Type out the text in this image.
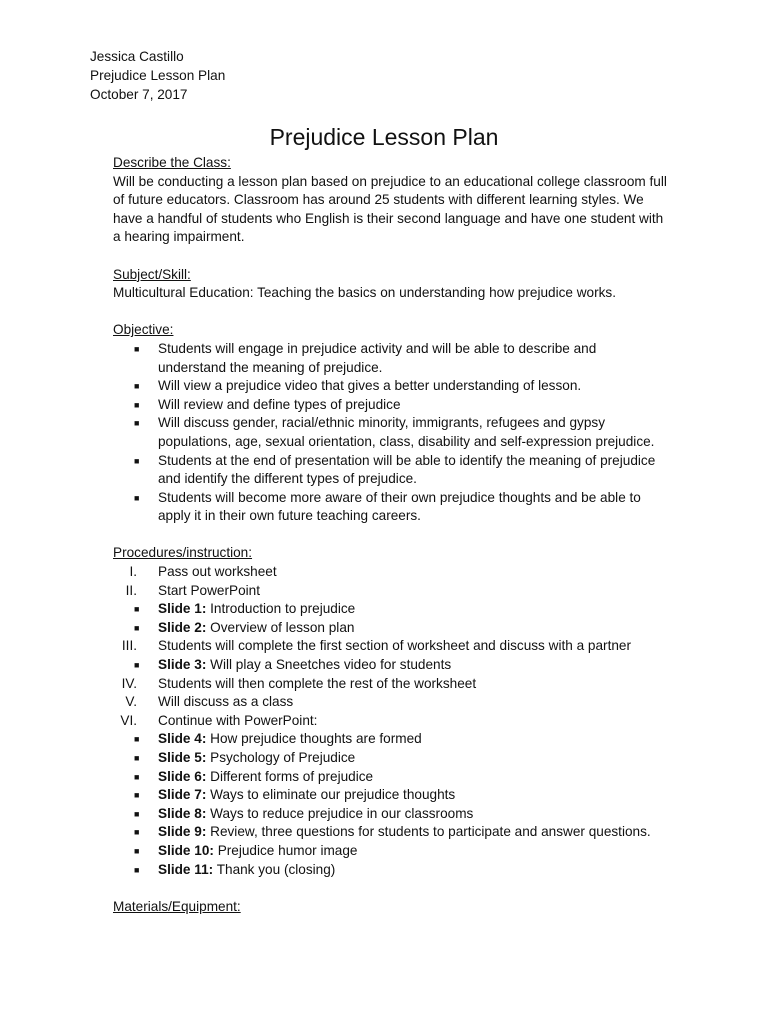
Jessica Castillo
Prejudice Lesson Plan
October 7, 2017
Prejudice Lesson Plan
Describe the Class:
Will be conducting a lesson plan based on prejudice to an educational college classroom full
of future educators. Classroom has around 25 students with different learning styles. We
have a handful of students who English is their second language and have one student with
a hearing impairment.
Subject/Skill:
Multicultural Education: Teaching the basics on understanding how prejudice works.
Objective:
■ Students will engage in prejudice activity and will be able to describe and
understand the meaning of prejudice.
■ Will view a prejudice video that gives a better understanding of lesson.
■ Will review and define types of prejudice
■ Will discuss gender, racial/ethnic minority, immigrants, refugees and gypsy
populations, age, sexual orientation, class, disability and self-expression prejudice.
■ Students at the end of presentation will be able to identify the meaning of prejudice
and identify the different types of prejudice.
■ Students will become more aware of their own prejudice thoughts and be able to
apply it in their own future teaching careers.
Procedures/instruction:
I. Pass out worksheet
II. Start PowerPoint
■ Slide 1: Introduction to prejudice
■ Slide 2: Overview of lesson plan
III. Students will complete the first section of worksheet and discuss with a partner
■ Slide 3: Will play a Sneetches video for students
IV. Students will then complete the rest of the worksheet
V. Will discuss as a class
VI. Continue with PowerPoint:
■ Slide 4: How prejudice thoughts are formed
■ Slide 5: Psychology of Prejudice
■ Slide 6: Different forms of prejudice
■ Slide 7: Ways to eliminate our prejudice thoughts
■ Slide 8: Ways to reduce prejudice in our classrooms
■ Slide 9: Review, three questions for students to participate and answer questions.
■ Slide 10: Prejudice humor image
■ Slide 11: Thank you (closing)
Materials/Equipment:
